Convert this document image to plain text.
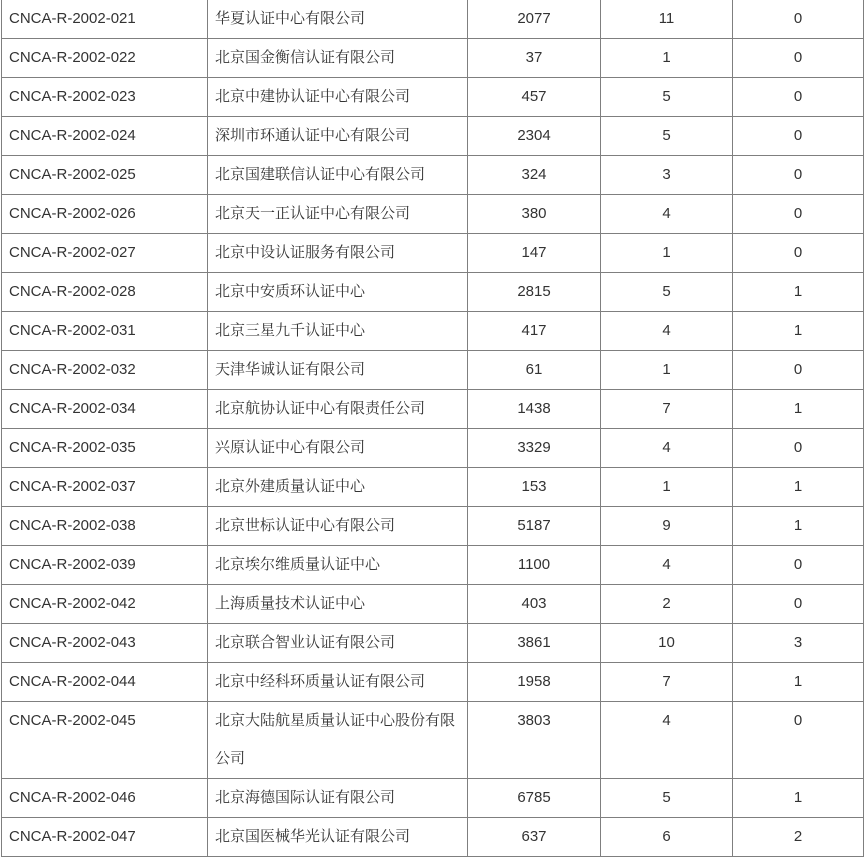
CNCA-R-2002-021	华夏认证中心有限公司	2077	11	0
CNCA-R-2002-022	北京国金衡信认证有限公司	37	1	0
CNCA-R-2002-023	北京中建协认证中心有限公司	457	5	0
CNCA-R-2002-024	深圳市环通认证中心有限公司	2304	5	0
CNCA-R-2002-025	北京国建联信认证中心有限公司	324	3	0
CNCA-R-2002-026	北京天一正认证中心有限公司	380	4	0
CNCA-R-2002-027	北京中设认证服务有限公司	147	1	0
CNCA-R-2002-028	北京中安质环认证中心	2815	5	1
CNCA-R-2002-031	北京三星九千认证中心	417	4	1
CNCA-R-2002-032	天津华诚认证有限公司	61	1	0
CNCA-R-2002-034	北京航协认证中心有限责任公司	1438	7	1
CNCA-R-2002-035	兴原认证中心有限公司	3329	4	0
CNCA-R-2002-037	北京外建质量认证中心	153	1	1
CNCA-R-2002-038	北京世标认证中心有限公司	5187	9	1
CNCA-R-2002-039	北京埃尔维质量认证中心	1100	4	0
CNCA-R-2002-042	上海质量技术认证中心	403	2	0
CNCA-R-2002-043	北京联合智业认证有限公司	3861	10	3
CNCA-R-2002-044	北京中经科环质量认证有限公司	1958	7	1
CNCA-R-2002-045	北京大陆航星质量认证中心股份有限公司	3803	4	0
CNCA-R-2002-046	北京海德国际认证有限公司	6785	5	1
CNCA-R-2002-047	北京国医械华光认证有限公司	637	6	2
